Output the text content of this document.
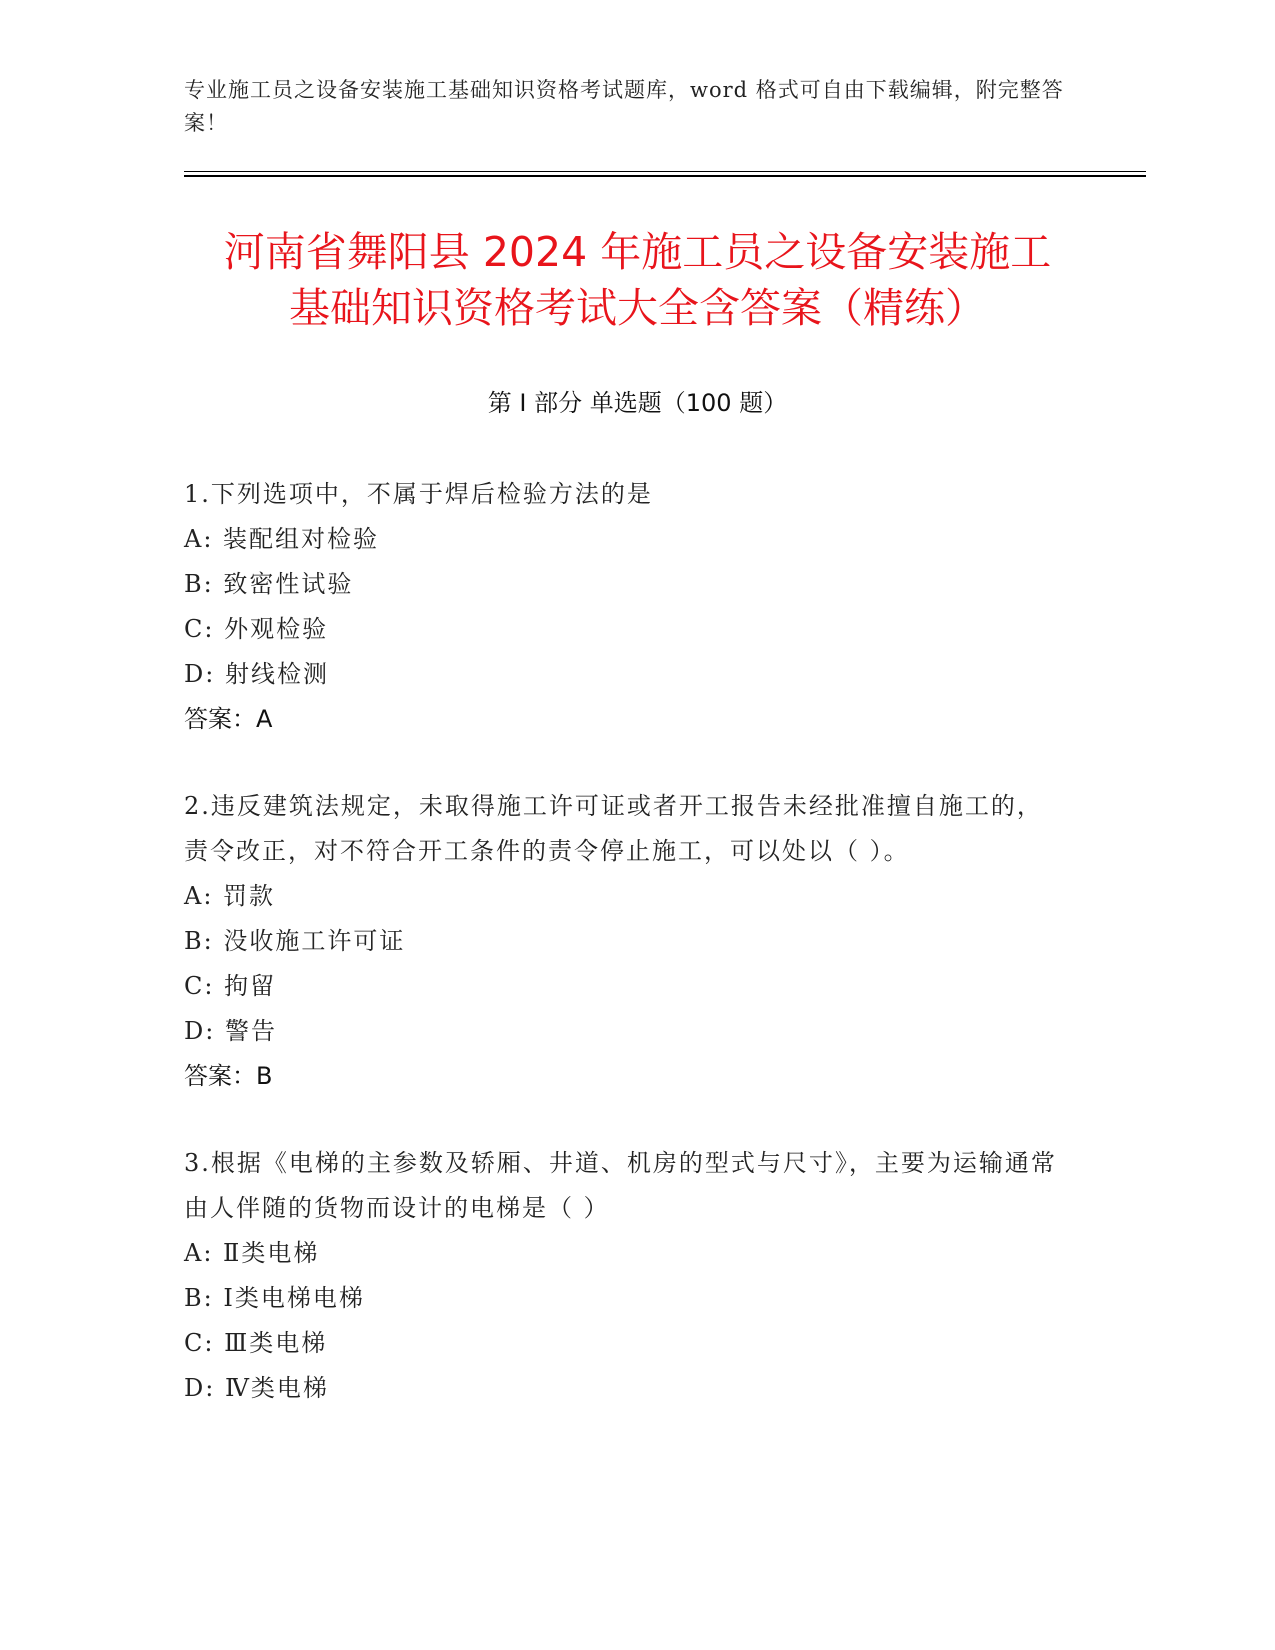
专业施工员之设备安装施工基础知识资格考试题库，word 格式可自由下载编辑，附完整答案！
河南省舞阳县 2024 年施工员之设备安装施工
基础知识资格考试大全含答案（精练）
第 I 部分 单选题（100 题）

1.下列选项中，不属于焊后检验方法的是

A: 装配组对检验

B: 致密性试验

C: 外观检验

D: 射线检测

答案：A

2.违反建筑法规定，未取得施工许可证或者开工报告未经批准擅自施工的，责令改正，对不符合开工条件的责令停止施工，可以处以（ ）。

A: 罚款

B: 没收施工许可证

C: 拘留

D: 警告

答案：B

3.根据《电梯的主参数及轿厢、井道、机房的型式与尺寸》，主要为运输通常由人伴随的货物而设计的电梯是（ ）

A: Ⅱ类电梯

B: Ⅰ类电梯电梯

C: Ⅲ类电梯

D: Ⅳ类电梯
